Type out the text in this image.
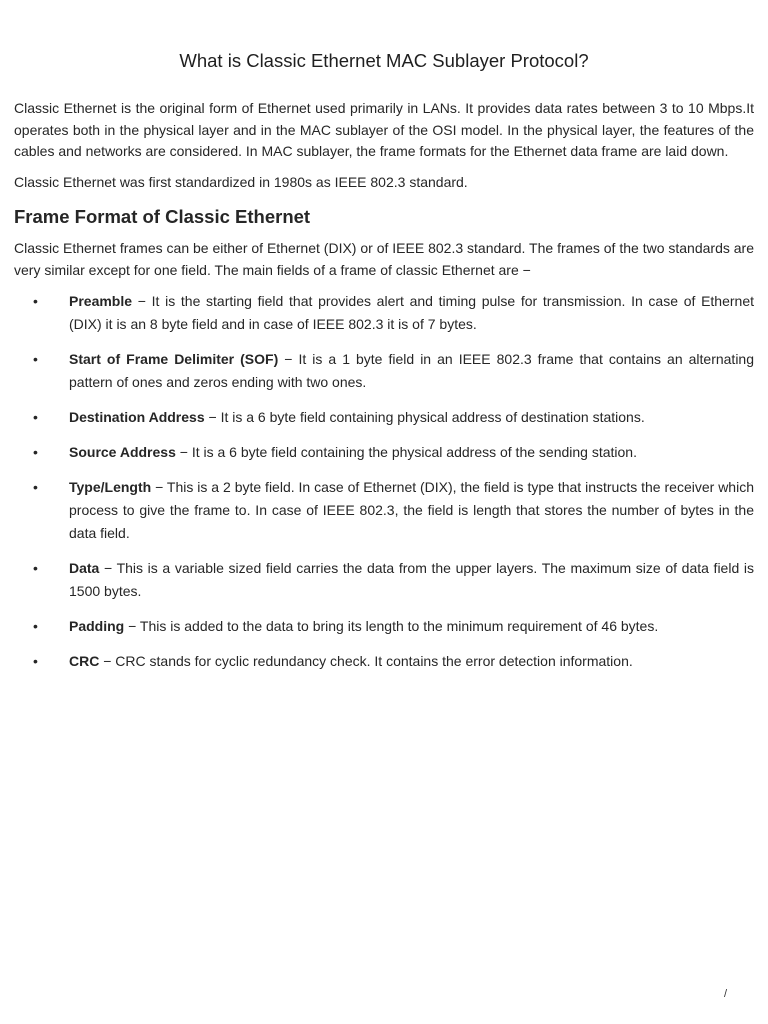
What is Classic Ethernet MAC Sublayer Protocol?

Classic Ethernet is the original form of Ethernet used primarily in LANs. It provides data rates between 3 to 10 Mbps.It operates both in the physical layer and in the MAC sublayer of the OSI model. In the physical layer, the features of the cables and networks are considered. In MAC sublayer, the frame formats for the Ethernet data frame are laid down.

Classic Ethernet was first standardized in 1980s as IEEE 802.3 standard.

Frame Format of Classic Ethernet

Classic Ethernet frames can be either of Ethernet (DIX) or of IEEE 802.3 standard. The frames of the two standards are very similar except for one field. The main fields of a frame of classic Ethernet are −

• Preamble − It is the starting field that provides alert and timing pulse for transmission. In case of Ethernet (DIX) it is an 8 byte field and in case of IEEE 802.3 it is of 7 bytes.
• Start of Frame Delimiter (SOF) − It is a 1 byte field in an IEEE 802.3 frame that contains an alternating pattern of ones and zeros ending with two ones.
• Destination Address − It is a 6 byte field containing physical address of destination stations.
• Source Address − It is a 6 byte field containing the physical address of the sending station.
• Type/Length − This is a 2 byte field. In case of Ethernet (DIX), the field is type that instructs the receiver which process to give the frame to. In case of IEEE 802.3, the field is length that stores the number of bytes in the data field.
• Data − This is a variable sized field carries the data from the upper layers. The maximum size of data field is 1500 bytes.
• Padding − This is added to the data to bring its length to the minimum requirement of 46 bytes.
• CRC − CRC stands for cyclic redundancy check. It contains the error detection information.
/
